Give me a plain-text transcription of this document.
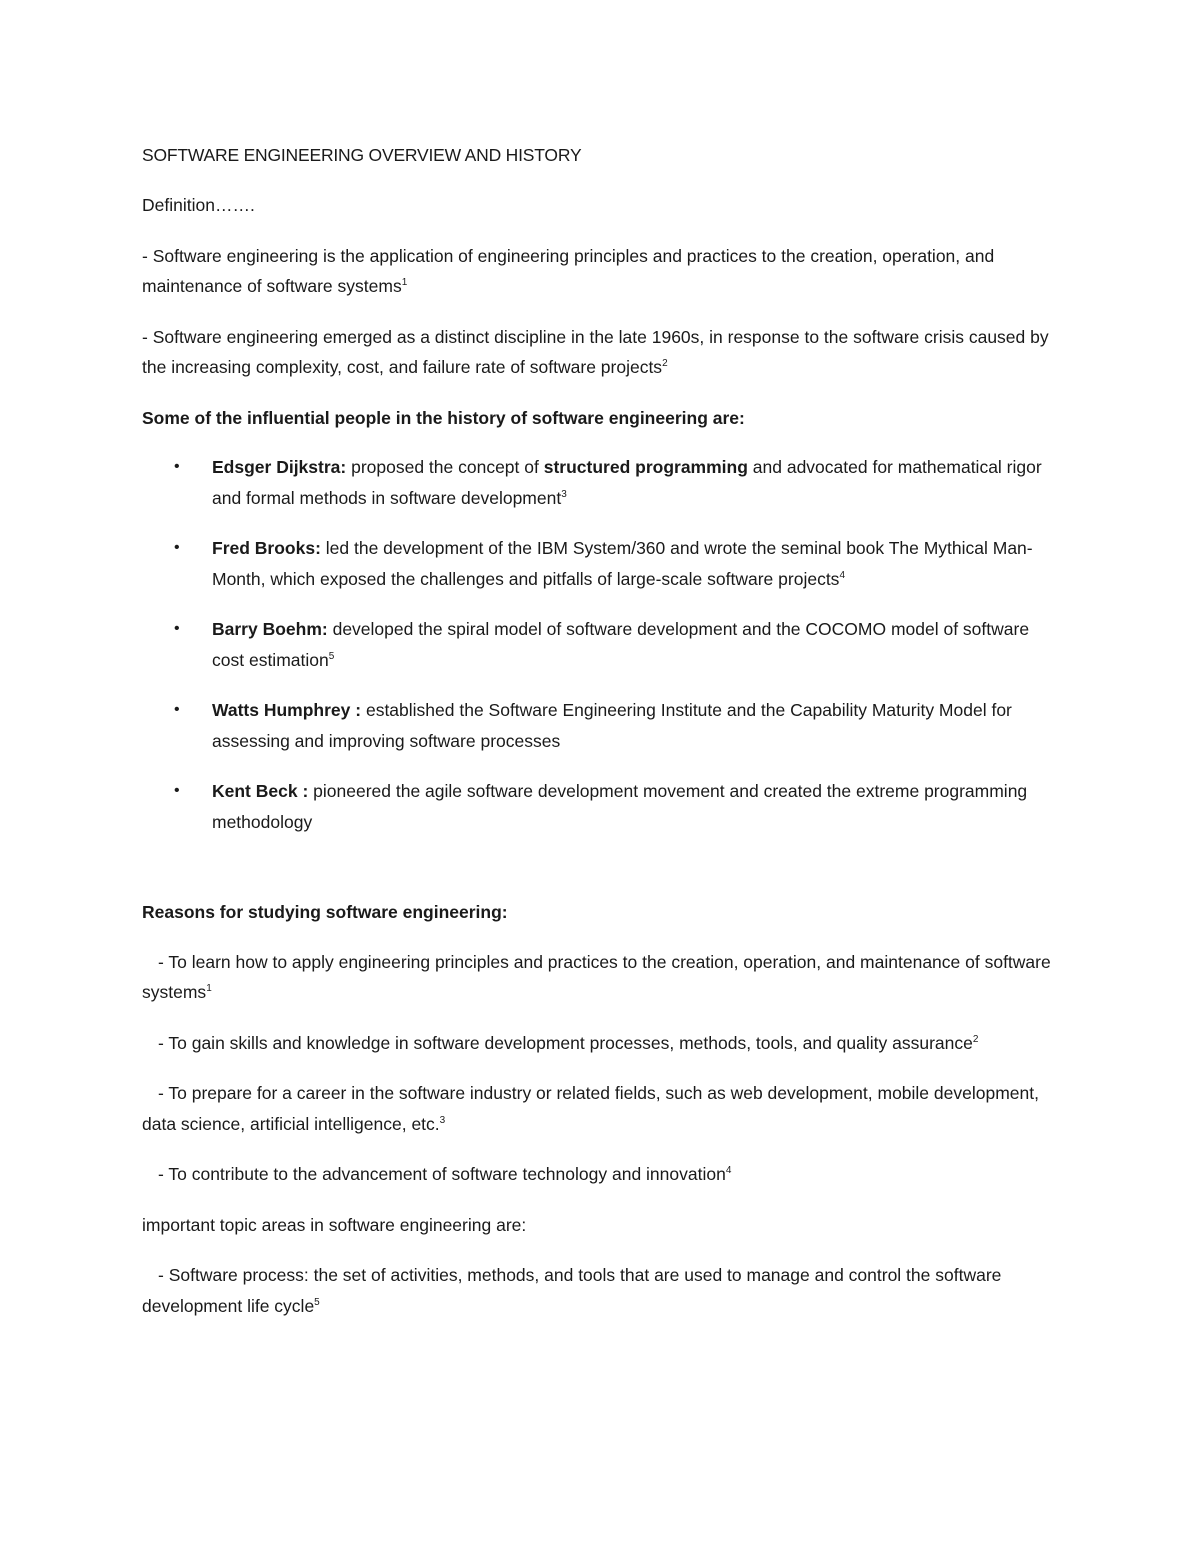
SOFTWARE ENGINEERING OVERVIEW AND HISTORY

Definition…….

- Software engineering is the application of engineering principles and practices to the creation, operation, and maintenance of software systems$^1$

- Software engineering emerged as a distinct discipline in the late 1960s, in response to the software crisis caused by the increasing complexity, cost, and failure rate of software projects$^2$

Some of the influential people in the history of software engineering are:

• Edsger Dijkstra: proposed the concept of structured programming and advocated for mathematical rigor and formal methods in software development$^3$
• Fred Brooks: led the development of the IBM System/360 and wrote the seminal book The Mythical Man-Month, which exposed the challenges and pitfalls of large-scale software projects$^4$
• Barry Boehm: developed the spiral model of software development and the COCOMO model of software cost estimation$^5$
• Watts Humphrey : established the Software Engineering Institute and the Capability Maturity Model for assessing and improving software processes
• Kent Beck : pioneered the agile software development movement and created the extreme programming methodology

Reasons for studying software engineering:

- To learn how to apply engineering principles and practices to the creation, operation, and maintenance of software systems$^1$

- To gain skills and knowledge in software development processes, methods, tools, and quality assurance$^2$

- To prepare for a career in the software industry or related fields, such as web development, mobile development, data science, artificial intelligence, etc.$^3$

- To contribute to the advancement of software technology and innovation$^4$

important topic areas in software engineering are:

- Software process: the set of activities, methods, and tools that are used to manage and control the software development life cycle$^5$
